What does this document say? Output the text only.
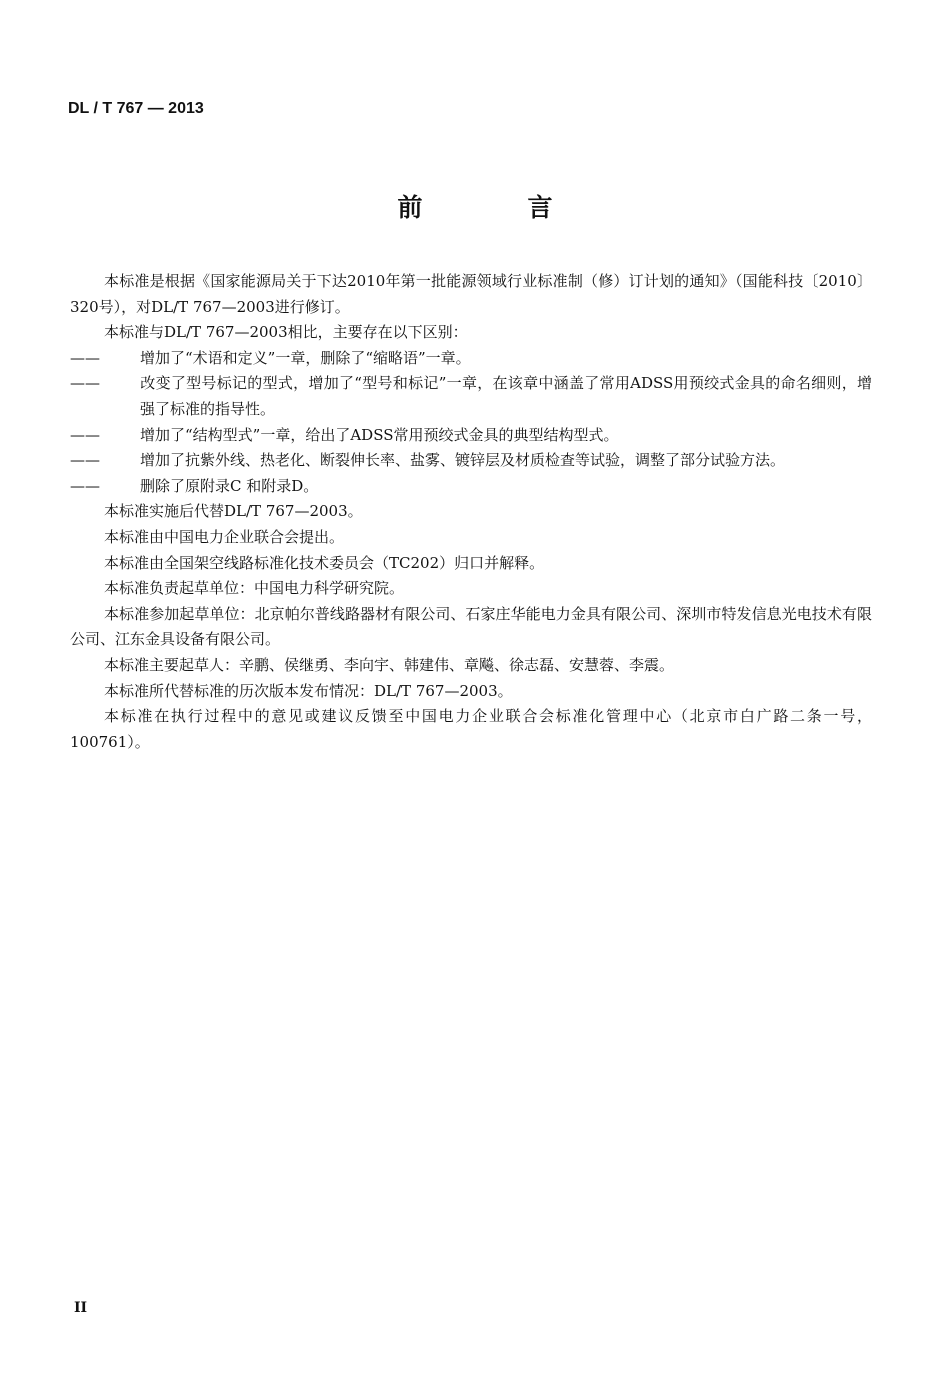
DL / T 767 — 2013
前　言

本标准是根据《国家能源局关于下达2010年第一批能源领域行业标准制（修）订计划的通知》（国能科技〔2010〕320号），对DL/T 767—2003进行修订。

本标准与DL/T 767—2003相比，主要存在以下区别：

——	增加了“术语和定义”一章，删除了“缩略语”一章。

——	改变了型号标记的型式，增加了“型号和标记”一章，在该章中涵盖了常用ADSS用预绞式金具的命名细则，增强了标准的指导性。

——	增加了“结构型式”一章，给出了ADSS常用预绞式金具的典型结构型式。

——	增加了抗紫外线、热老化、断裂伸长率、盐雾、镀锌层及材质检查等试验，调整了部分试验方法。

——	删除了原附录C 和附录D。

本标准实施后代替DL/T 767—2003。

本标准由中国电力企业联合会提出。

本标准由全国架空线路标准化技术委员会（TC202）归口并解释。

本标准负责起草单位：中国电力科学研究院。

本标准参加起草单位：北京帕尔普线路器材有限公司、石家庄华能电力金具有限公司、深圳市特发信息光电技术有限公司、江东金具设备有限公司。

本标准主要起草人：辛鹏、侯继勇、李向宇、韩建伟、章飚、徐志磊、安慧蓉、李震。

本标准所代替标准的历次版本发布情况：DL/T 767—2003。

本标准在执行过程中的意见或建议反馈至中国电力企业联合会标准化管理中心（北京市白广路二条一号，100761）。

II
